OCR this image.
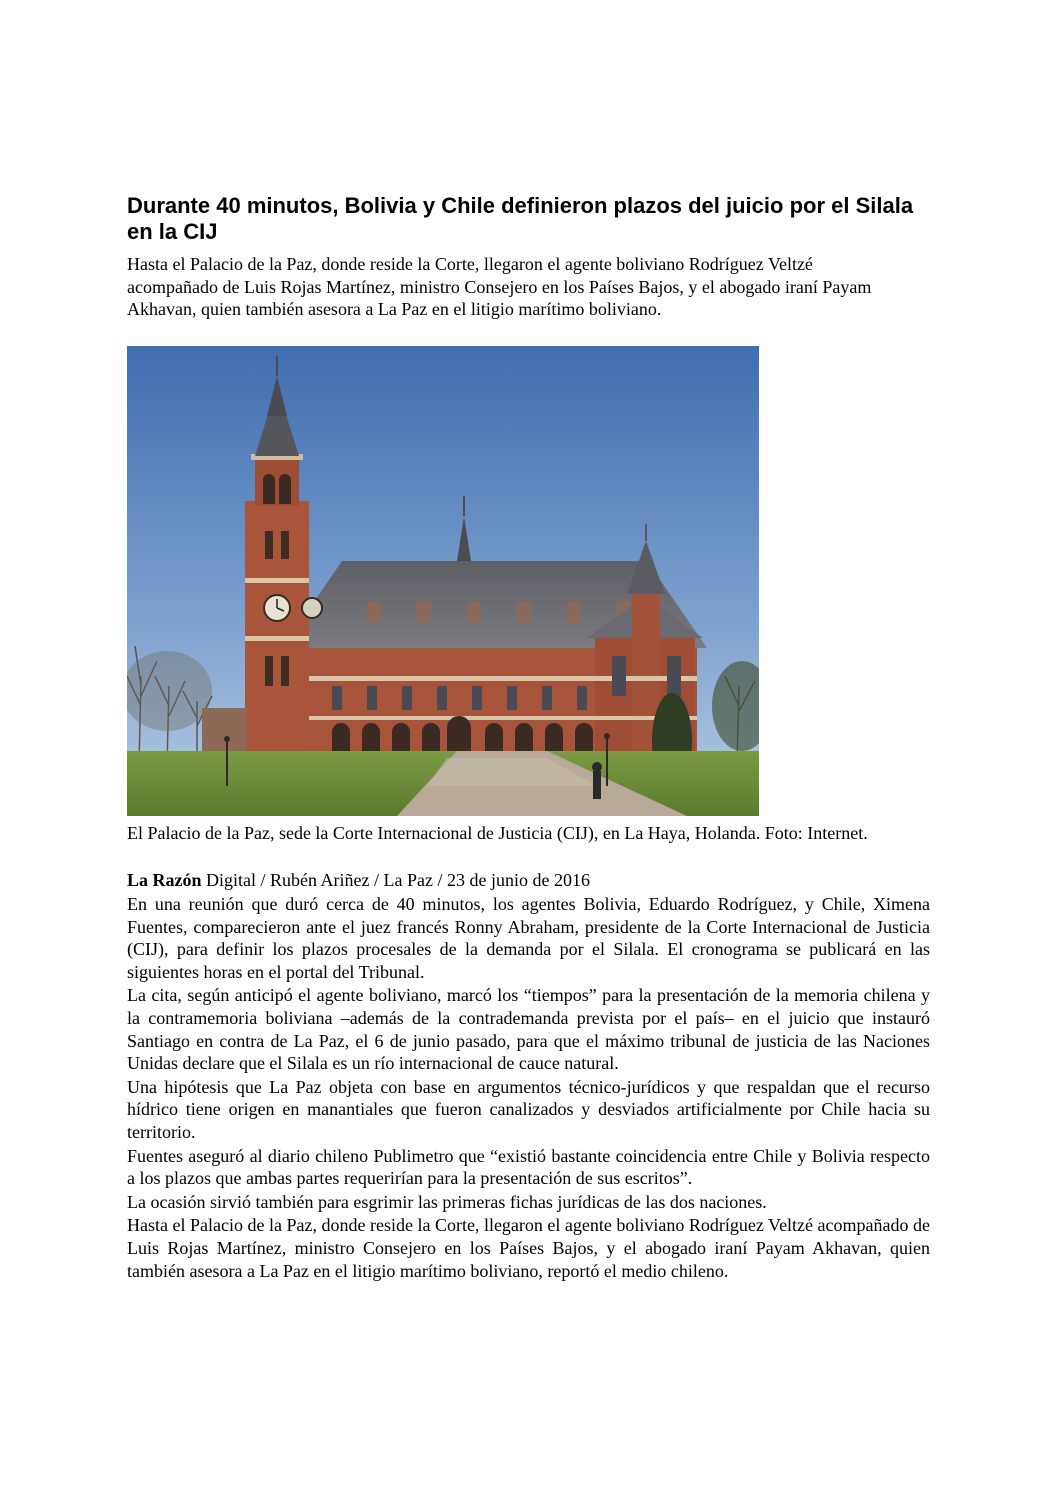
Durante 40 minutos, Bolivia y Chile definieron plazos del juicio por el Silala en la CIJ

Hasta el Palacio de la Paz, donde reside la Corte, llegaron el agente boliviano Rodríguez Veltzé acompañado de Luis Rojas Martínez, ministro Consejero en los Países Bajos, y el abogado iraní Payam Akhavan, quien también asesora a La Paz en el litigio marítimo boliviano.

El Palacio de la Paz, sede la Corte Internacional de Justicia (CIJ), en La Haya, Holanda. Foto: Internet.

La Razón Digital / Rubén Ariñez / La Paz / 23 de junio de 2016

En una reunión que duró cerca de 40 minutos, los agentes Bolivia, Eduardo Rodríguez, y Chile, Ximena Fuentes, comparecieron ante el juez francés Ronny Abraham, presidente de la Corte Internacional de Justicia (CIJ), para definir los plazos procesales de la demanda por el Silala. El cronograma se publicará en las siguientes horas en el portal del Tribunal.

La cita, según anticipó el agente boliviano, marcó los “tiempos” para la presentación de la memoria chilena y la contramemoria boliviana –además de la contrademanda prevista por el país– en el juicio que instauró Santiago en contra de La Paz, el 6 de junio pasado, para que el máximo tribunal de justicia de las Naciones Unidas declare que el Silala es un río internacional de cauce natural.

Una hipótesis que La Paz objeta con base en argumentos técnico-jurídicos y que respaldan que el recurso hídrico tiene origen en manantiales que fueron canalizados y desviados artificialmente por Chile hacia su territorio.

Fuentes aseguró al diario chileno Publimetro que “existió bastante coincidencia entre Chile y Bolivia respecto a los plazos que ambas partes requerirían para la presentación de sus escritos”.

La ocasión sirvió también para esgrimir las primeras fichas jurídicas de las dos naciones.

Hasta el Palacio de la Paz, donde reside la Corte, llegaron el agente boliviano Rodríguez Veltzé acompañado de Luis Rojas Martínez, ministro Consejero en los Países Bajos, y el abogado iraní Payam Akhavan, quien también asesora a La Paz en el litigio marítimo boliviano, reportó el medio chileno.
